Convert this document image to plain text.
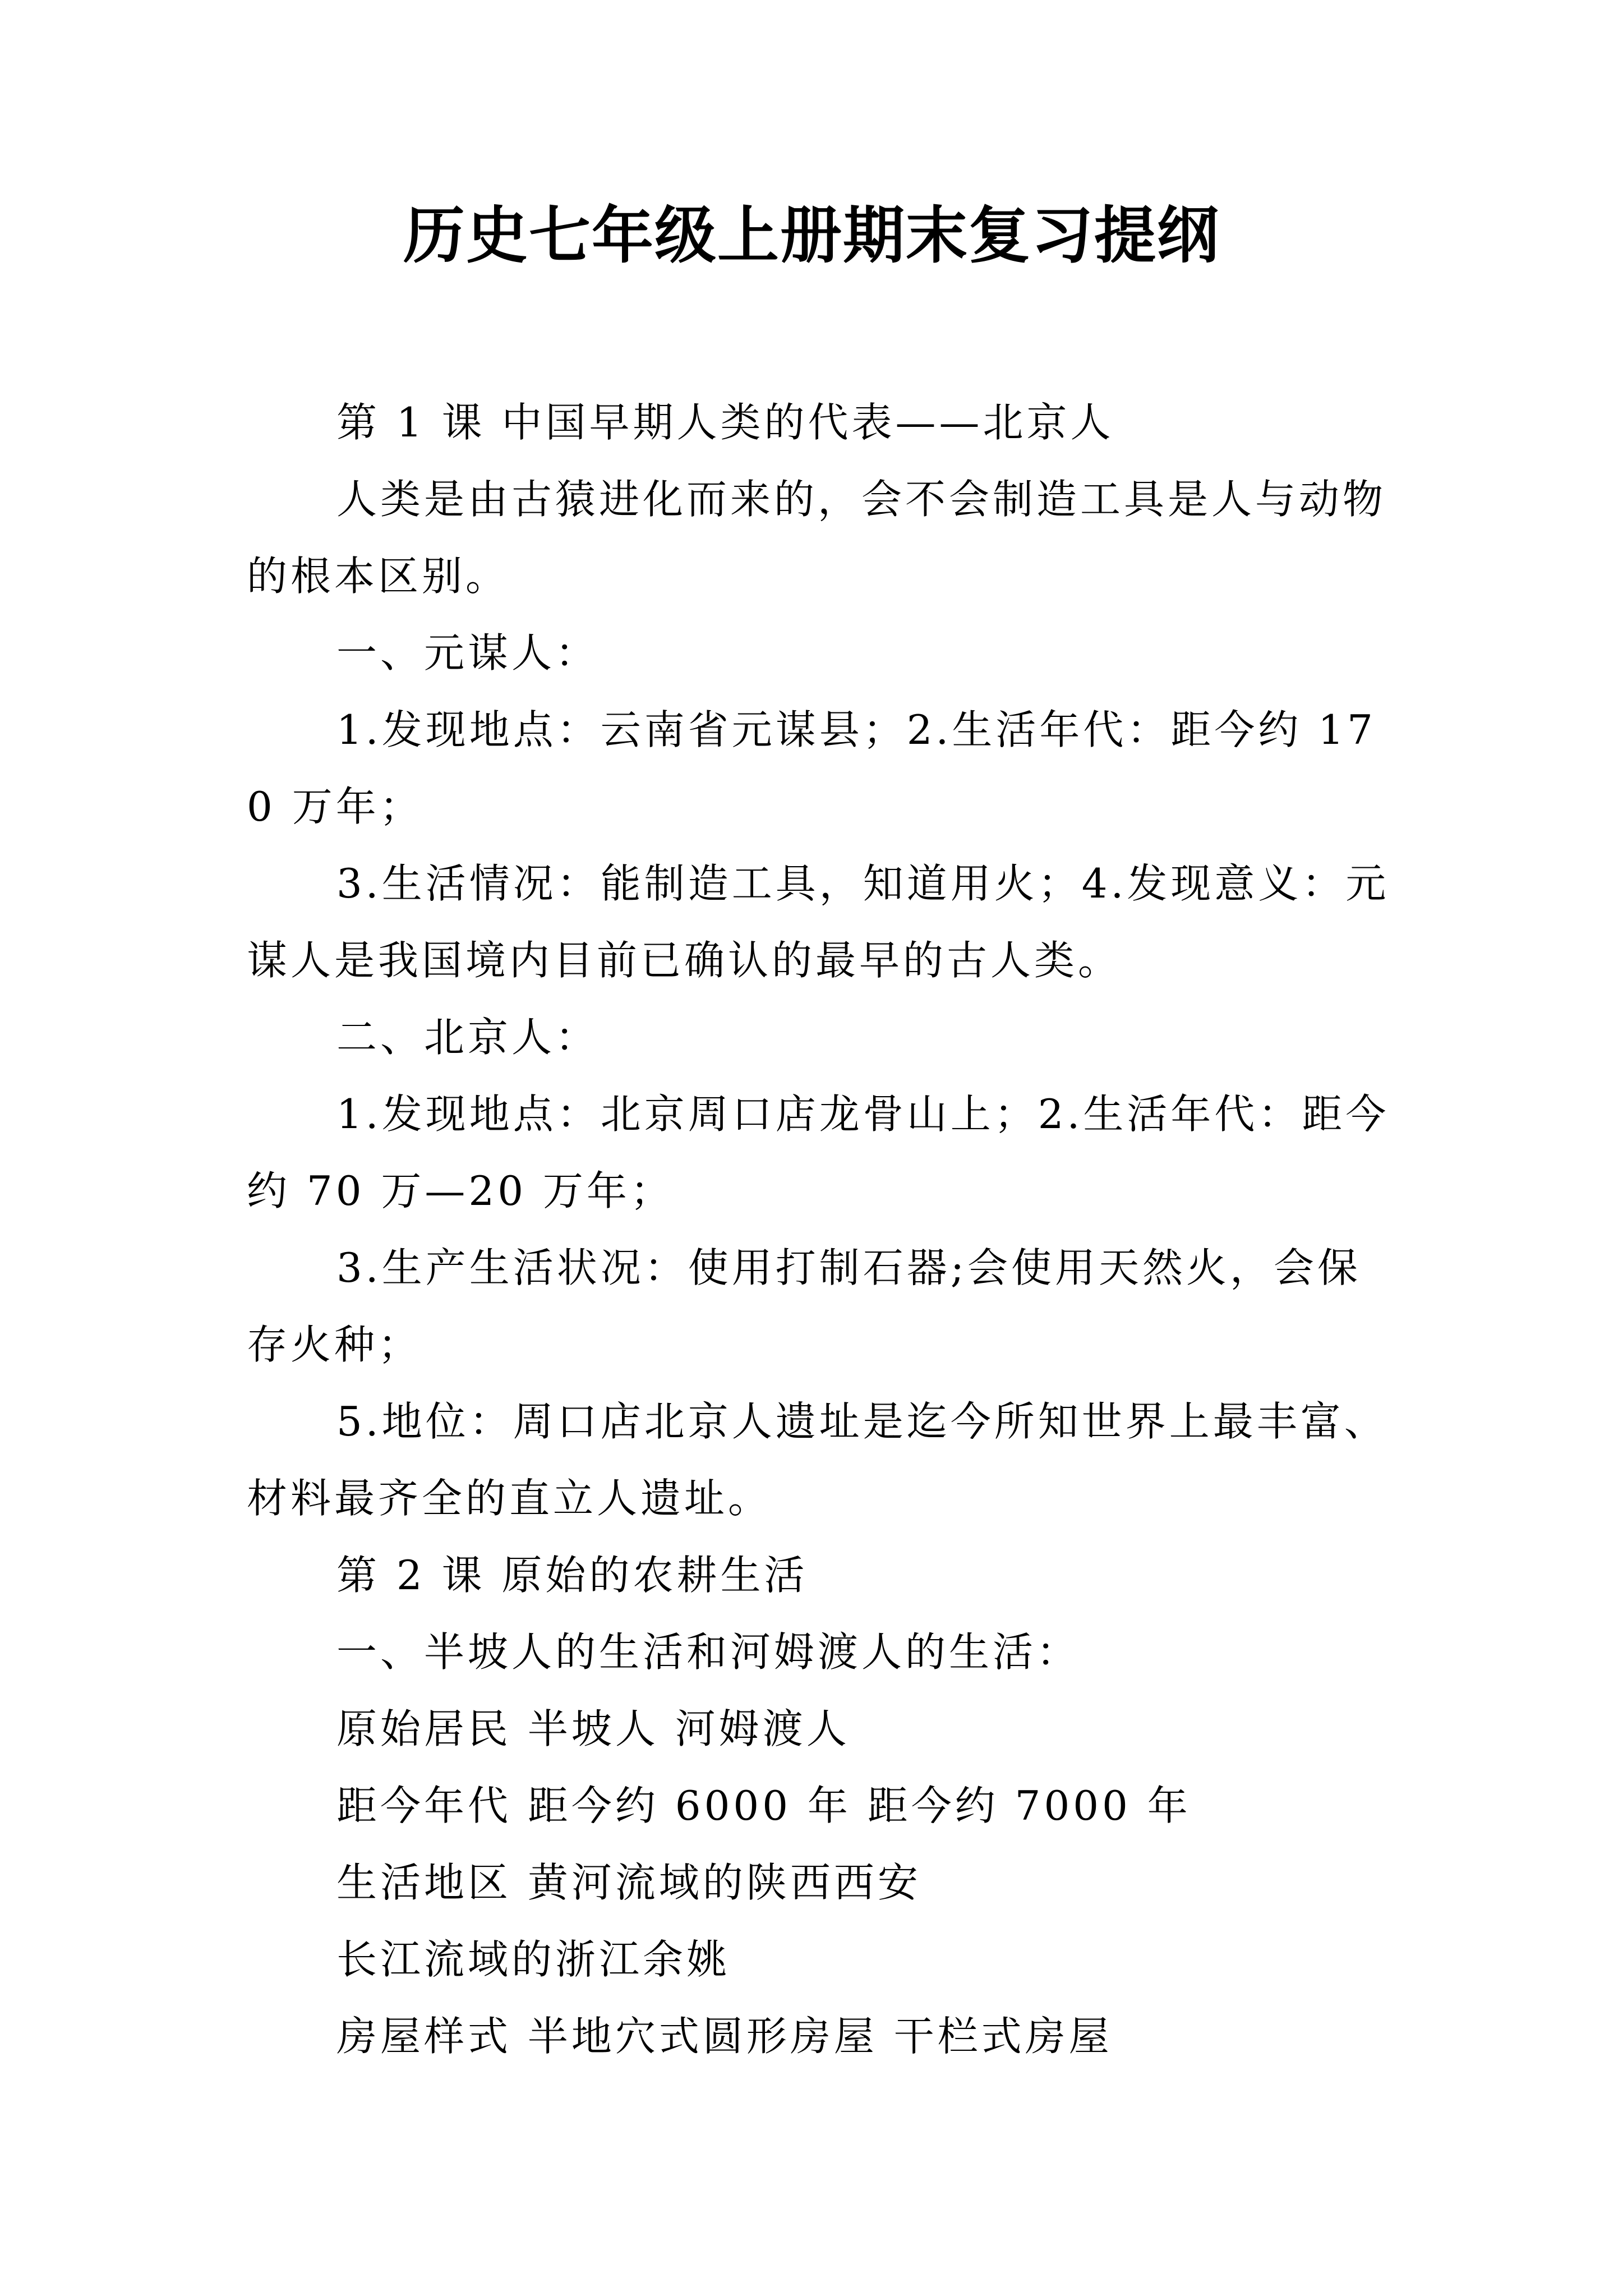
历史七年级上册期末复习提纲

第 1 课 中国早期人类的代表——北京人

人类是由古猿进化而来的，会不会制造工具是人与动物的根本区别。

一、元谋人：

1.发现地点：云南省元谋县；2.生活年代：距今约 170 万年；

3.生活情况：能制造工具，知道用火；4.发现意义：元谋人是我国境内目前已确认的最早的古人类。

二、北京人：

1.发现地点：北京周口店龙骨山上；2.生活年代：距今约 70 万—20 万年；

3.生产生活状况：使用打制石器;会使用天然火，会保存火种；

5.地位：周口店北京人遗址是迄今所知世界上最丰富、材料最齐全的直立人遗址。

第 2 课 原始的农耕生活

一、半坡人的生活和河姆渡人的生活：

原始居民 半坡人 河姆渡人

距今年代 距今约 6000 年 距今约 7000 年

生活地区 黄河流域的陕西西安

长江流域的浙江余姚

房屋样式 半地穴式圆形房屋 干栏式房屋
